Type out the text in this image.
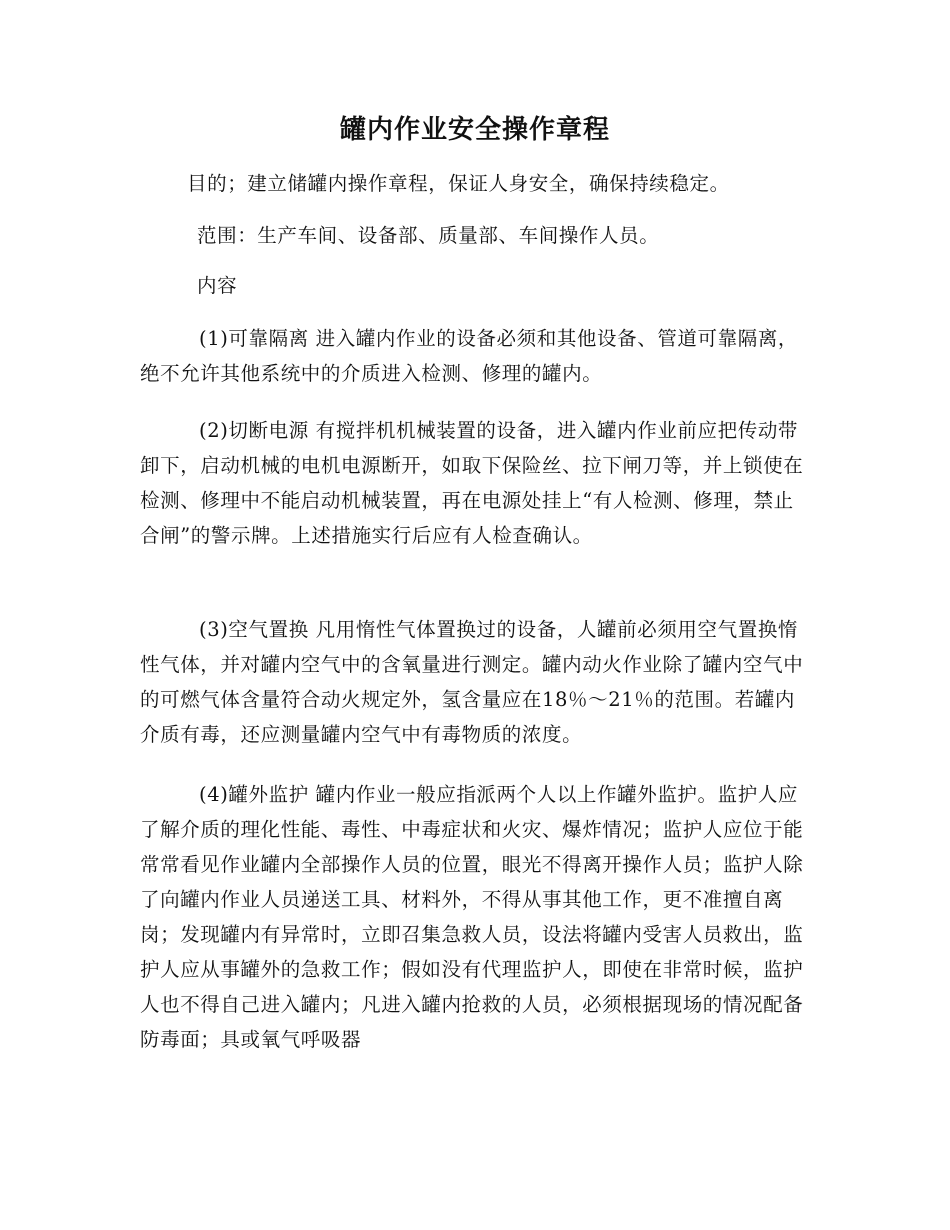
罐内作业安全操作章程

目的；建立储罐内操作章程，保证人身安全，确保持续稳定。

范围：生产车间、设备部、质量部、车间操作人员。

内容

(1)可靠隔离 进入罐内作业的设备必须和其他设备、管道可靠隔离，绝不允许其他系统中的介质进入检测、修理的罐内。

(2)切断电源 有搅拌机机械装置的设备，进入罐内作业前应把传动带卸下，启动机械的电机电源断开，如取下保险丝、拉下闸刀等，并上锁使在检测、修理中不能启动机械装置，再在电源处挂上“有人检测、修理，禁止合闸”的警示牌。上述措施实行后应有人检查确认。

(3)空气置换 凡用惰性气体置换过的设备，人罐前必须用空气置换惰性气体，并对罐内空气中的含氧量进行测定。罐内动火作业除了罐内空气中的可燃气体含量符合动火规定外，氢含量应在18％～21％的范围。若罐内介质有毒，还应测量罐内空气中有毒物质的浓度。

(4)罐外监护 罐内作业一般应指派两个人以上作罐外监护。监护人应了解介质的理化性能、毒性、中毒症状和火灾、爆炸情况；监护人应位于能常常看见作业罐内全部操作人员的位置，眼光不得离开操作人员；监护人除了向罐内作业人员递送工具、材料外，不得从事其他工作，更不准擅自离岗；发现罐内有异常时，立即召集急救人员，设法将罐内受害人员救出，监护人应从事罐外的急救工作；假如没有代理监护人，即使在非常时候，监护人也不得自己进入罐内；凡进入罐内抢救的人员，必须根据现场的情况配备防毒面；具或氧气呼吸器
